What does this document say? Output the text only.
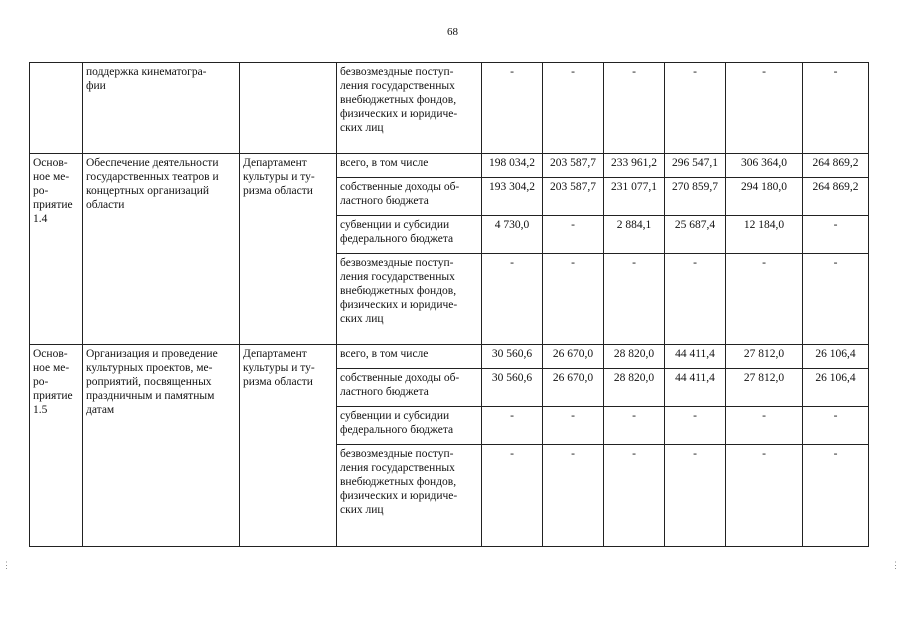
68
	поддержка кинематогра-
фии		безвозмездные поступ-
ления государственных
внебюджетных фондов,
физических и юридиче-
ских лиц	-	-	-	-	-	-
Основ-
ное ме-
ро-
приятие
1.4	Обеспечение деятельности
государственных театров и
концертных организаций
области	Департамент
культуры и ту-
ризма области	всего, в том числе	198 034,2	203 587,7	233 961,2	296 547,1	306 364,0	264 869,2
			собственные доходы об-
ластного бюджета	193 304,2	203 587,7	231 077,1	270 859,7	294 180,0	264 869,2
			субвенции и субсидии
федерального бюджета	4 730,0	-	2 884,1	25 687,4	12 184,0	-
			безвозмездные поступ-
ления государственных
внебюджетных фондов,
физических и юридиче-
ских лиц	-	-	-	-	-	-
Основ-
ное ме-
ро-
приятие
1.5	Организация и проведение
культурных проектов, ме-
роприятий, посвященных
праздничным и памятным
датам	Департамент
культуры и ту-
ризма области	всего, в том числе	30 560,6	26 670,0	28 820,0	44 411,4	27 812,0	26 106,4
			собственные доходы об-
ластного бюджета	30 560,6	26 670,0	28 820,0	44 411,4	27 812,0	26 106,4
			субвенции и субсидии
федерального бюджета	-	-	-	-	-	-
			безвозмездные поступ-
ления государственных
внебюджетных фондов,
физических и юридиче-
ских лиц	-	-	-	-	-	-
⋮	⋮
